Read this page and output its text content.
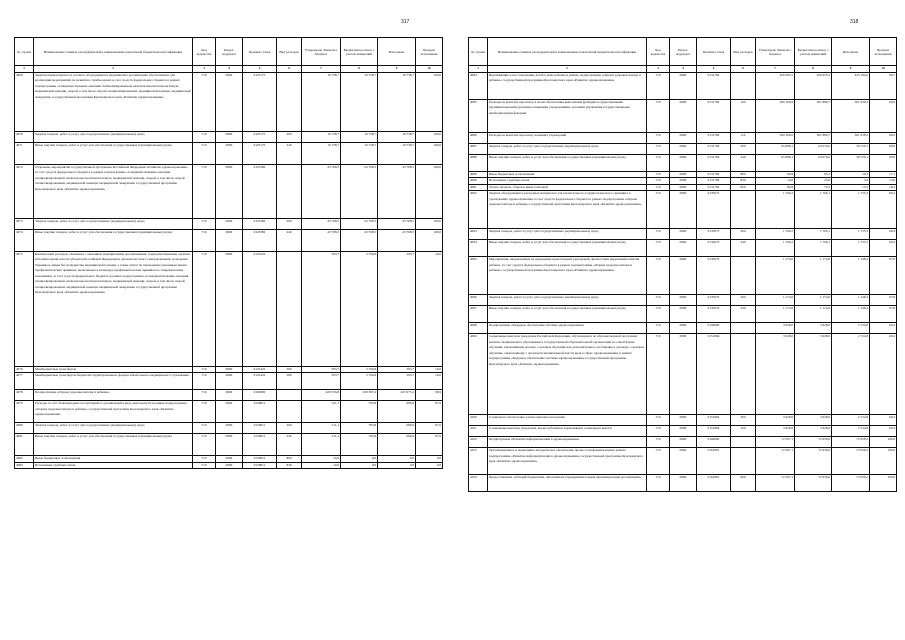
317
№ строки	Наименование главных распорядителей и наименование показателей бюджетной классификации	Код ведомства	Раздел-подраздел	Целевая статья	Вид расходов	Утверждено Законом о бюджете	Бюджетная роспись с учетом изменений	Исполнено	Процент исполнения
1	2	3	4	5	6	7	8	9	10
4069	Закупки компьютерного и сетевого оборудования в медицинских организациях обеспеченных для реализации мероприятий по развитию службы крови за счет средств федерального бюджета в рамках подпрограммы «Совершенствование оказания специализированной, включая высокотехнологичную, медицинской помощи, скорой, в том числе скорой специализированной, медицинской помощи, медицинской эвакуации» государственной программы Красноярского края «Развитие здравоохранения»	710	0909	0125175		19 738,7	19 738,7	19 738,7	100,0
4070	Закупка товаров, работ и услуг для государственных (муниципальных) нужд	710	0909	0125175	200	19 738,7	19 738,7	19 738,7	100,0
4071	Иные закупки товаров, работ и услуг для обеспечения государственных (муниципальных) нужд	710	0909	0125175	240	19 738,7	19 738,7	19 738,7	100,0
4072	Отдельные мероприятия государственной программы Российской Федерации «Развитие здравоохранения» за счет средств федерального бюджета в рамках подпрограммы «Совершенствование оказания специализированной, включая высокотехнологичную, медицинской помощи, скорой, в том числе скорой специализированной, медицинской помощи, медицинской эвакуации» государственной программы Красноярского края «Развитие здравоохранения»	710	0909	0125382		43 768,5	43 768,5	43 768,5	100,0
4073	Закупка товаров, работ и услуг для государственных (муниципальных) нужд	710	0909	0125382	200	43 768,5	43 768,5	43 768,5	100,0
4074	Иные закупки товаров, работ и услуг для обеспечения государственных (муниципальных) нужд	710	0909	0125382	240	43 768,5	43 768,5	43 768,5	100,0
4075	Компенсация расходов, связанных с оказанием медицинскими организациями, подведомственными органам исполнительной власти субъектов Российской Федерации и органам местного самоуправления, гражданам Украины и лицам без гражданства медицинской помощи, а также затрат по проведению указанным лицам профилактических прививок, включенных в календарь профилактических прививок по эпидемическим показаниям, за счет средств федерального бюджета в рамках подпрограммы «Совершенствование оказания специализированной, включая высокотехнологичную, медицинской помощи, скорой, в том числе скорой специализированной, медицинской помощи, медицинской эвакуации» государственной программы Красноярского края «Развитие здравоохранения»	710	0909	0125422		593,7	3 706,8	593,7	16,0
4076	Межбюджетные трансферты	710	0909	0125422	500	593,7	3 706,8	593,7	16,0
4077	Межбюджетные трансферты бюджетам территориальных фондов обязательного медицинского страхования	710	0909	0125422	580	593,7	3 706,8	593,7	16,0
4078	Подпрограмма «Охрана здоровья матери и ребенка»	710	0909	0130000		429 556,8	430 387,4	425 975,2	98,9
4079	Расходы за счет безвозмездных поступлений от организаций в виде деятельности в рамках подпрограммы «Охрана здоровья матери и ребенка» государственной программы Красноярского края «Развитие здравоохранения»	710	0909	0130811		521,1	783,8	686,9	87,6
4080	Закупка товаров, работ и услуг для государственных (муниципальных) нужд	710	0909	0130811	200	511,1	783,8	686,9	87,6
4081	Иные закупки товаров, работ и услуг для обеспечения государственных (муниципальных) нужд	710	0909	0130811	240	511,1	783,8	686,9	87,6
4082	Иные бюджетные ассигнования	710	0909	0130811	800	10,0	0,0	0,0	0,0
4083	Исполнение судебных актов	710	0909	0130811	830	10,0	0,0	0,0	0,0
318
№ строки	Наименование главных распорядителей и наименование показателей бюджетной классификации	Код ведомства	Раздел-подраздел	Целевая статья	Вид расходов	Утверждено Законом о бюджете	Бюджетная роспись с учетом изменений	Исполнено	Процент исполнения
1	2	3	4	5	6	7	8	9	10
4084	Выхаживание и восстановление детей в доме ребенка в рамках подпрограммы «Охрана здоровья матери и ребенка» государственной программы Красноярского края «Развитие здравоохранения»	710	0909	0131784		426 095,5	426 655,5	425 184,6	99,7
4085	Расходы на выплаты персоналу в целях обеспечения выполнения функций государственными (муниципальными) органами, казенными учреждениями, органами управления государственными внебюджетными фондами	710	0909	0131784	100	360 100,6	361 880,7	361 639,2	99,9
4086	Расходы на выплаты персоналу казенных учреждений	710	0909	0131784	110	360 100,6	361 880,7	361 639,2	99,9
4087	Закупка товаров, работ и услуг для государственных (муниципальных) нужд	710	0909	0131784	200	65 898,1	64 679,6	58 729,1	90,8
4088	Иные закупки товаров, работ и услуг для обеспечения государственных (муниципальных) нужд	710	0909	0131784	240	65 898,1	64 679,6	58 729,1	90,8
4089	Иные бюджетные ассигнования	710	0909	0131784	800	96,8	95,2	16,3	17,1
4090	Исполнение судебных актов	710	0909	0131784	830	14,0	23,0	3,0	13,0
4091	Уплата налогов, сборов и иных платежей	710	0909	0131784	850	82,8	72,2	13,3	18,4
4092	Закупка оборудования и расходных материалов для неонатального и аудиологического скрининга в учреждениях здравоохранения за счет средств федерального бюджета в рамках подпрограммы «Охрана здоровья матери и ребенка» государственной программы Красноярского края «Развитие здравоохранения»	710	0909	0135073		1 766,2	1 766,1	1 755,3	99,4
4093	Закупка товаров, работ и услуг для государственных (муниципальных) нужд	710	0909	0135073	200	1 766,2	1 766,1	1 755,3	99,4
4094	Иные закупки товаров, работ и услуг для обеспечения государственных (муниципальных) нужд	710	0909	0135073	240	1 766,2	1 766,1	1 755,3	99,4
4095	Мероприятия, направленные на проведение пренатальной (дородовой) диагностики нарушений развития ребенка, за счет средств федерального бюджета в рамках подпрограммы «Охрана здоровья матери и ребенка» государственной программы Красноярского края «Развитие здравоохранения»	710	0909	0135079		1 174,0	1 174,0	1 148,4	97,8
4096	Закупка товаров, работ и услуг для государственных (муниципальных) нужд	710	0909	0135079	200	1 174,0	1 174,0	1 148,4	97,8
4097	Иные закупки товаров, работ и услуг для обеспечения государственных (муниципальных) нужд	710	0909	0135079	240	1 174,0	1 174,0	1 148,4	97,8
4098	Подпрограмма «Кадровое обеспечение системы здравоохранения»	710	0909	0150000		3 928,0	3 928,0	2 724,8	69,4
4099	Социальные выплаты гражданам Российской Федерации, обучающимся по образовательной программе высшего медицинского образования в государственной образовательной организации по очной форме обучения, заключившим договор о целевом обучении или дополнительное соглашение к договору о целевом обучении, заключенному с органом исполнительной власти края в сфере здравоохранения, в рамках подпрограммы «Кадровое обеспечение системы здравоохранения» государственной программы Красноярского края «Развитие здравоохранения»	710	0909	0151804		3 928,0	3 928,0	2 724,8	69,4
4100	Социальное обеспечение и иные выплаты населению	710	0909	0151804	300	3 928,0	3 928,0	2 724,8	69,4
4101	Социальные выплаты гражданам, кроме публичных нормативных социальных выплат	710	0909	0151804	320	3 928,0	3 928,0	2 724,8	69,4
4102	Подпрограмма «Развитие информатизации в здравоохранении»	710	0909	0160000		72 597,1	72 939,6	72 939,2	100,0
4103	Организационное и нормативно-методическое обеспечение процесса информатизации в рамках подпрограммы «Развитие информатизации в здравоохранении» государственной программы Красноярского края «Развитие здравоохранения»	710	0909	0161801		72 597,1	72 939,6	72 939,2	100,0
4104	Предоставление субсидий бюджетным, автономным учреждениям и иным некоммерческим организациям	710	0909	0161801	600	72 597,1	72 939,6	72 939,2	100,0
